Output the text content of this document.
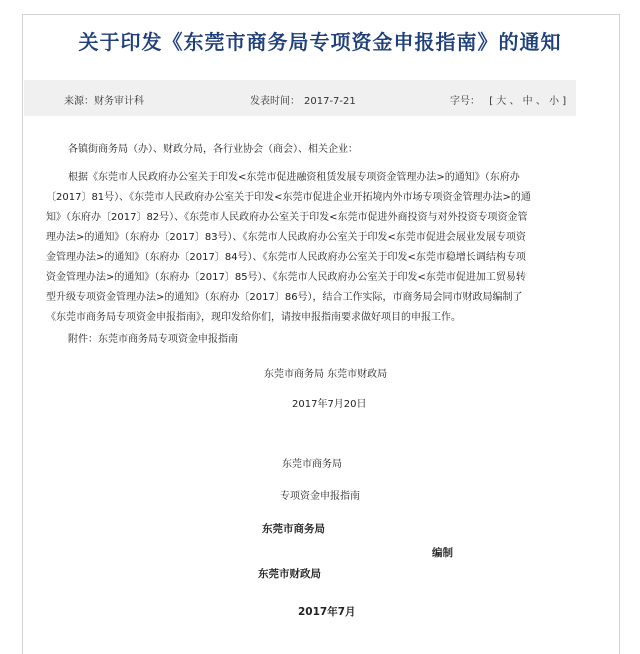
关于印发《东莞市商务局专项资金申报指南》的通知
来源：财务审计科	发表时间： 2017-7-21	字号： [ 大 、 中 、 小 ]
各镇街商务局（办）、财政分局，各行业协会（商会）、相关企业：
根据《东莞市人民政府办公室关于印发<东莞市促进融资租赁发展专项资金管理办法>的通知》（东府办
〔2017〕81号）、《东莞市人民政府办公室关于印发<东莞市促进企业开拓境内外市场专项资金管理办法>的通
知》（东府办〔2017〕82号）、《东莞市人民政府办公室关于印发<东莞市促进外商投资与对外投资专项资金管
理办法>的通知》（东府办〔2017〕83号）、《东莞市人民政府办公室关于印发<东莞市促进会展业发展专项资
金管理办法>的通知》（东府办〔2017〕84号）、《东莞市人民政府办公室关于印发<东莞市稳增长调结构专项
资金管理办法>的通知》（东府办〔2017〕85号）、《东莞市人民政府办公室关于印发<东莞市促进加工贸易转
型升级专项资金管理办法>的通知》（东府办〔2017〕86号），结合工作实际，市商务局会同市财政局编制了
《东莞市商务局专项资金申报指南》，现印发给你们，请按申报指南要求做好项目的申报工作。
附件：东莞市商务局专项资金申报指南
东莞市商务局 东莞市财政局
2017年7月20日
东莞市商务局
专项资金申报指南
东莞市商务局
编制
东莞市财政局
2017年7月
